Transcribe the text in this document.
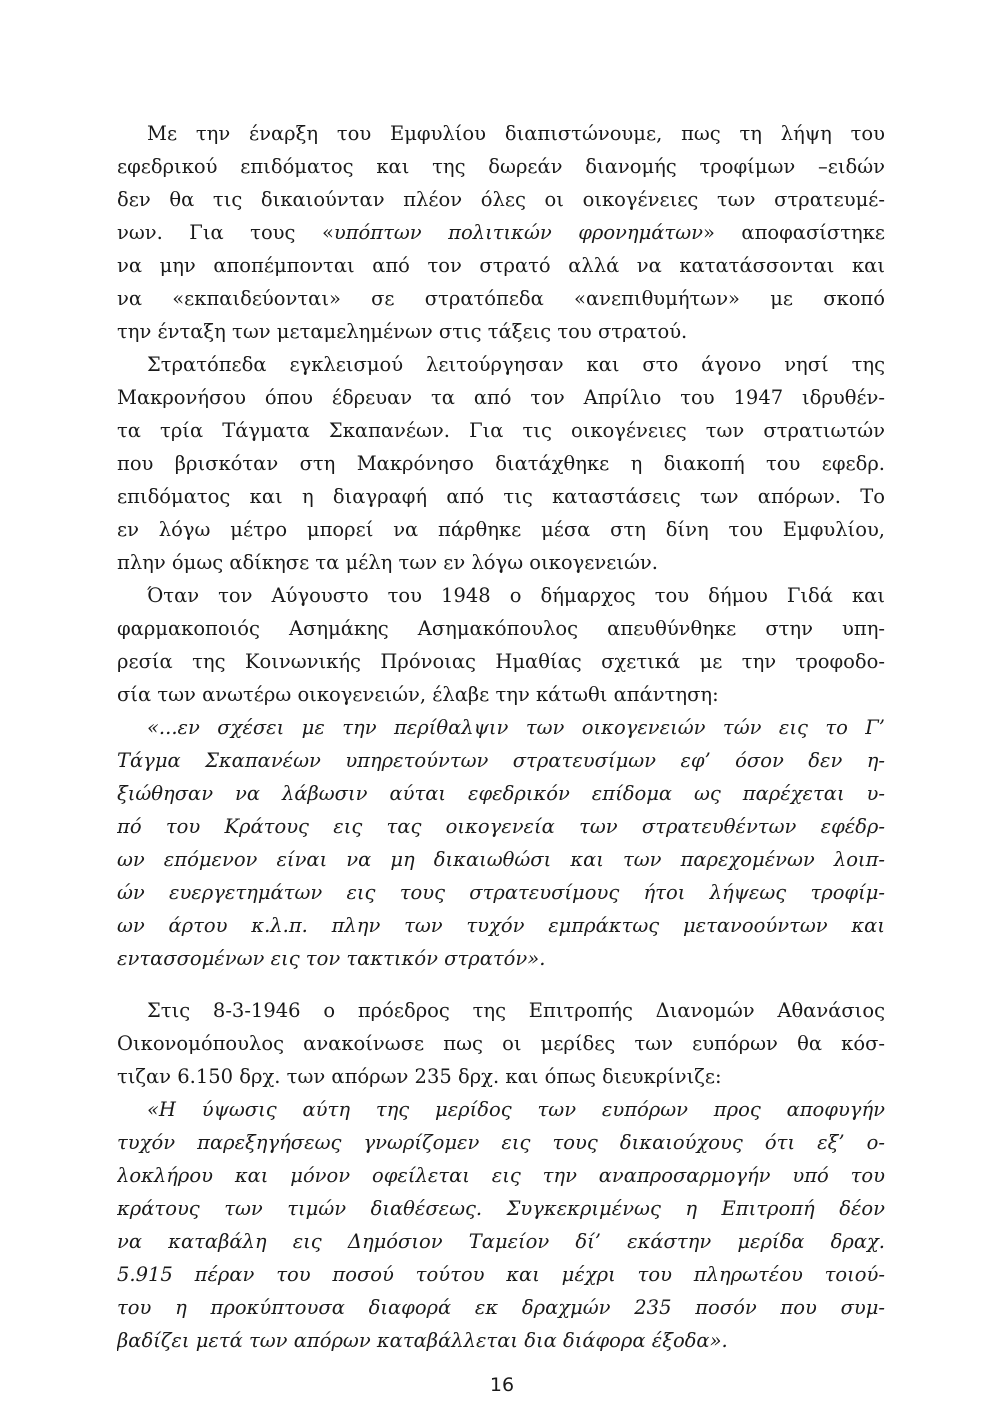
Με την έναρξη του Εμφυλίου διαπιστώνουμε, πως τη λήψη του
εφεδρικού επιδόματος και της δωρεάν διανομής τροφίμων –ειδών
δεν θα τις δικαιούνταν πλέον όλες οι οικογένειες των στρατευμέ-
νων. Για τους «υπόπτων πολιτικών φρονημάτων» αποφασίστηκε
να μην αποπέμπονται από τον στρατό αλλά να κατατάσσονται και
να «εκπαιδεύονται» σε στρατόπεδα «ανεπιθυμήτων» με σκοπό
την ένταξη των μεταμελημένων στις τάξεις του στρατού.
Στρατόπεδα εγκλεισμού λειτούργησαν και στο άγονο νησί της
Μακρονήσου όπου έδρευαν τα από τον Απρίλιο του 1947 ιδρυθέν-
τα τρία Τάγματα Σκαπανέων. Για τις οικογένειες των στρατιωτών
που βρισκόταν στη Μακρόνησο διατάχθηκε η διακοπή του εφεδρ.
επιδόματος και η διαγραφή από τις καταστάσεις των απόρων. Το
εν λόγω μέτρο μπορεί να πάρθηκε μέσα στη δίνη του Εμφυλίου,
πλην όμως αδίκησε τα μέλη των εν λόγω οικογενειών.
Όταν τον Αύγουστο του 1948 ο δήμαρχος του δήμου Γιδά και
φαρμακοποιός Ασημάκης Ασημακόπουλος απευθύνθηκε στην υπη-
ρεσία της Κοινωνικής Πρόνοιας Ημαθίας σχετικά με την τροφοδο-
σία των ανωτέρω οικογενειών, έλαβε την κάτωθι απάντηση:
«...εν σχέσει με την περίθαλψιν των οικογενειών τών εις το Γ’
Τάγμα Σκαπανέων υπηρετούντων στρατευσίμων εφ’ όσον δεν η-
ξιώθησαν να λάβωσιν αύται εφεδρικόν επίδομα ως παρέχεται υ-
πό του Κράτους εις τας οικογενεία των στρατευθέντων εφέδρ-
ων επόμενον είναι να μη δικαιωθώσι και των παρεχομένων λοιπ-
ών ευεργετημάτων εις τους στρατευσίμους ήτοι λήψεως τροφίμ-
ων άρτου κ.λ.π. πλην των τυχόν εμπράκτως μετανοούντων και
εντασσομένων εις τον τακτικόν στρατόν».
Στις 8-3-1946 ο πρόεδρος της Επιτροπής Διανομών Αθανάσιος
Οικονομόπουλος ανακοίνωσε πως οι μερίδες των ευπόρων θα κόσ-
τιζαν 6.150 δρχ. των απόρων 235 δρχ. και όπως διευκρίνιζε:
«Η ύψωσις αύτη της μερίδος των ευπόρων προς αποφυγήν
τυχόν παρεξηγήσεως γνωρίζομεν εις τους δικαιούχους ότι εξ’ ο-
λοκλήρου και μόνον οφείλεται εις την αναπροσαρμογήν υπό του
κράτους των τιμών διαθέσεως. Συγκεκριμένως η Επιτροπή δέον
να καταβάλη εις Δημόσιον Ταμείον δί’ εκάστην μερίδα δραχ.
5.915 πέραν του ποσού τούτου και μέχρι του πληρωτέου τοιού-
του η προκύπτουσα διαφορά εκ δραχμών 235 ποσόν που συμ-
βαδίζει μετά των απόρων καταβάλλεται δια διάφορα έξοδα».
16
